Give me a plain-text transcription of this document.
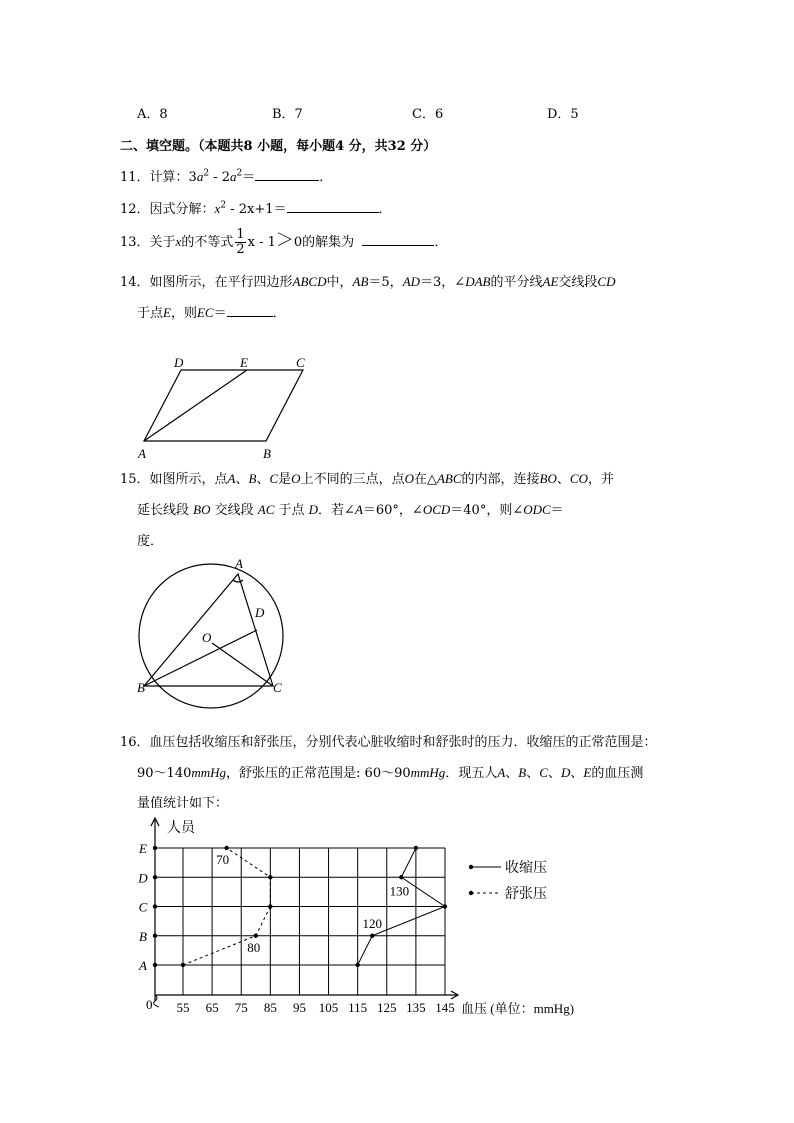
A．8	B．7	C．6	D．5
二、填空题。（本题共8 小题，每小题4 分，共32 分）
11．计算：$3a^2 - 2a^2=$	．
12．因式分解：$x^2 - 2x+1=$	．
13．关于x的不等式 $\frac{1}{2}$ x - 1＞0的解集为	．
14．如图所示，在平行四边形ABCD中，AB＝5，AD＝3，∠DAB的平分线AE交线段CD
于点E，则EC＝	．
D	E	C
A	B
15．如图所示，点A、B、C是O上不同的三点，点O在△ABC的内部，连接BO、CO，并
延长线段 BO 交线段 AC 于点 D．若∠A＝60°，∠OCD＝40°，则∠ODC＝
度．
A
D
O
B	C
16．血压包括收缩压和舒张压，分别代表心脏收缩时和舒张时的压力．收缩压的正常范围是：
90～140mmHg，舒张压的正常范围是: 60～90mmHg．现五人A、B、C、D、E的血压测
量值统计如下：
人员
血压 (单位：mmHg)
0 55 65 75 85 95 105 115 125 135 145
A
B
C
D
E
70
80
120
130
收缩压
舒张压
